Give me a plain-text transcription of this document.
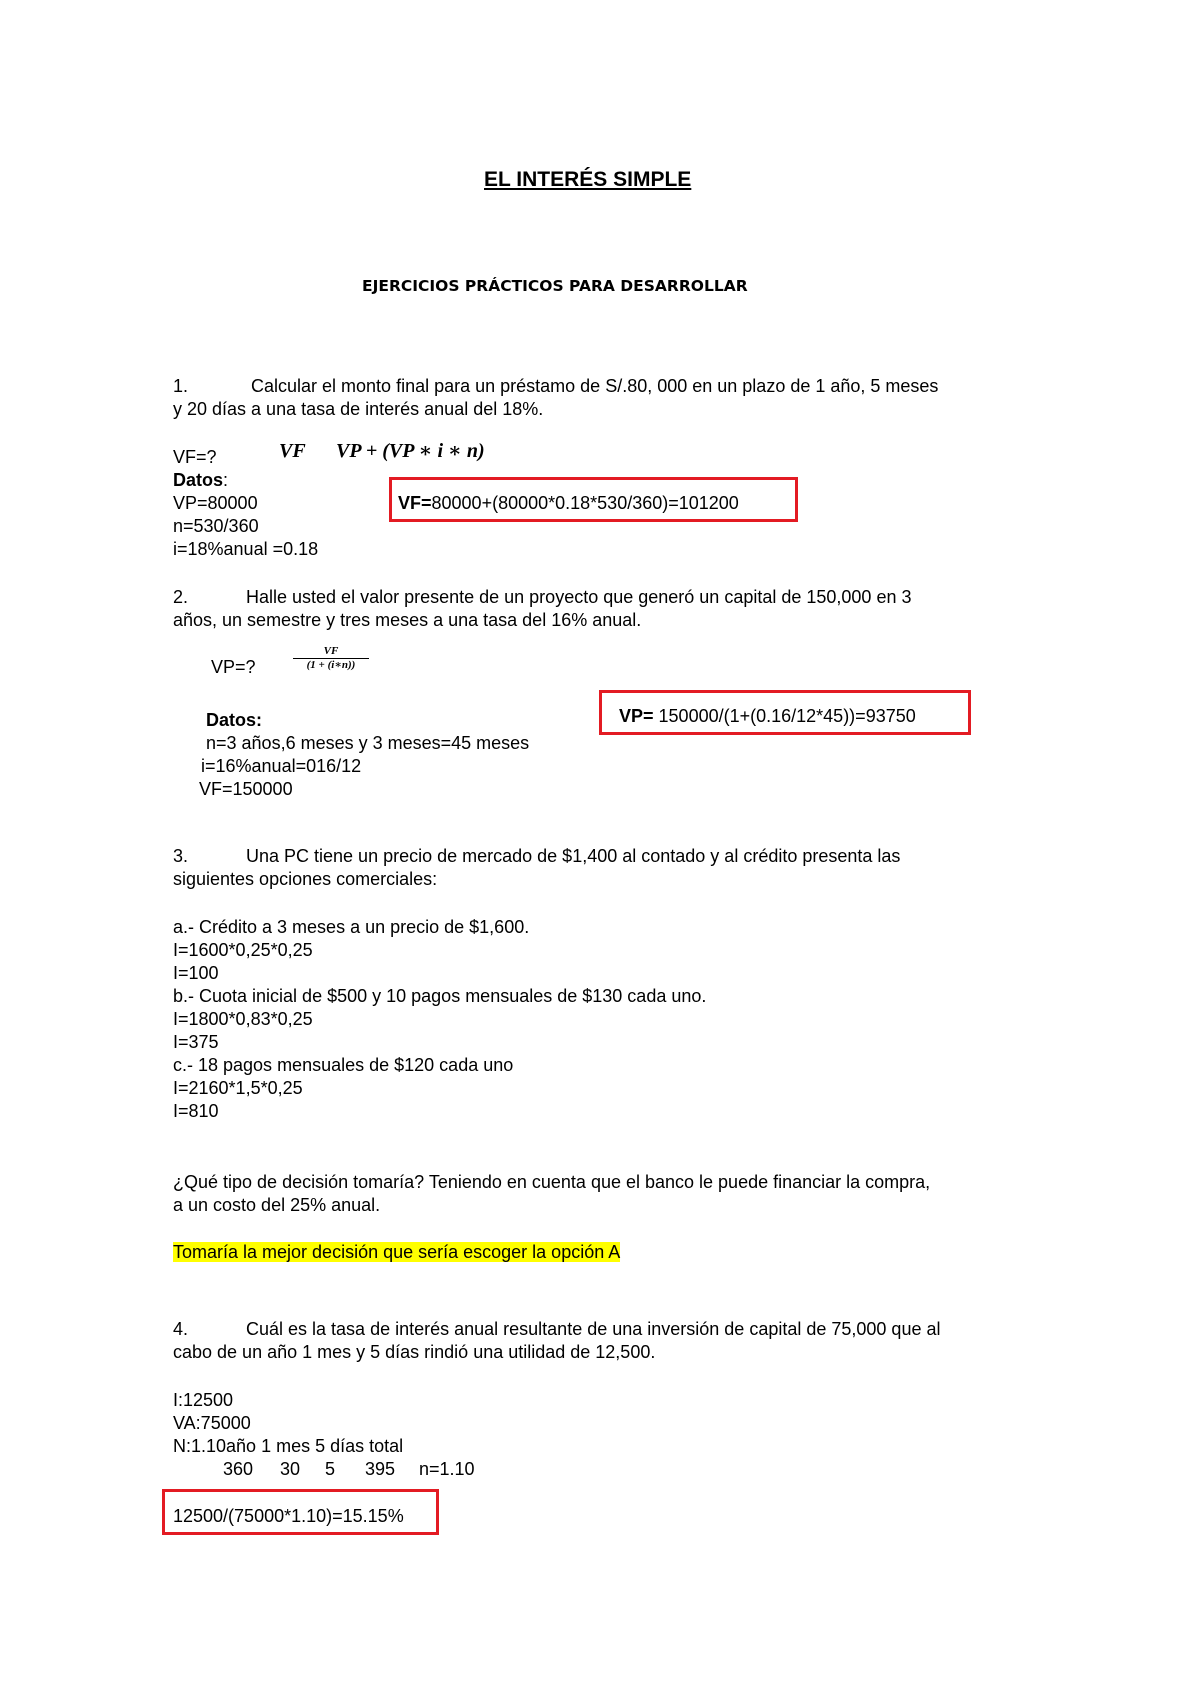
EL INTERÉS SIMPLE
EJERCICIOS PRÁCTICOS PARA DESARROLLAR
1.	Calcular el monto final para un préstamo de S/.80, 000 en un plazo de 1 año, 5 meses
y 20 días a una tasa de interés anual del 18%.
VF=?	VF VP + (VP ∗ i ∗ n)
Datos:
VP=80000
n=530/360
i=18%anual =0.18
VF=80000+(80000*0.18*530/360)=101200
2.	Halle usted el valor presente de un proyecto que generó un capital de 150,000 en 3
años, un semestre y tres meses a una tasa del 16% anual.
VP=?	$\frac{VF}{(1 + (i∗n))}$
Datos:
n=3 años,6 meses y 3 meses=45 meses
i=16%anual=016/12
VF=150000
VP= 150000/(1+(0.16/12*45))=93750
3.	Una PC tiene un precio de mercado de $1,400 al contado y al crédito presenta las
siguientes opciones comerciales:
a.- Crédito a 3 meses a un precio de $1,600.
I=1600*0,25*0,25
I=100
b.- Cuota inicial de $500 y 10 pagos mensuales de $130 cada uno.
I=1800*0,83*0,25
I=375
c.- 18 pagos mensuales de $120 cada uno
I=2160*1,5*0,25
I=810
¿Qué tipo de decisión tomaría? Teniendo en cuenta que el banco le puede financiar la compra,
a un costo del 25% anual.
Tomaría la mejor decisión que sería escoger la opción A
4.	Cuál es la tasa de interés anual resultante de una inversión de capital de 75,000 que al
cabo de un año 1 mes y 5 días rindió una utilidad de 12,500.
I:12500
VA:75000
N:1.10año 1 mes 5 días total
360 30 5 395 n=1.10
12500/(75000*1.10)=15.15%
